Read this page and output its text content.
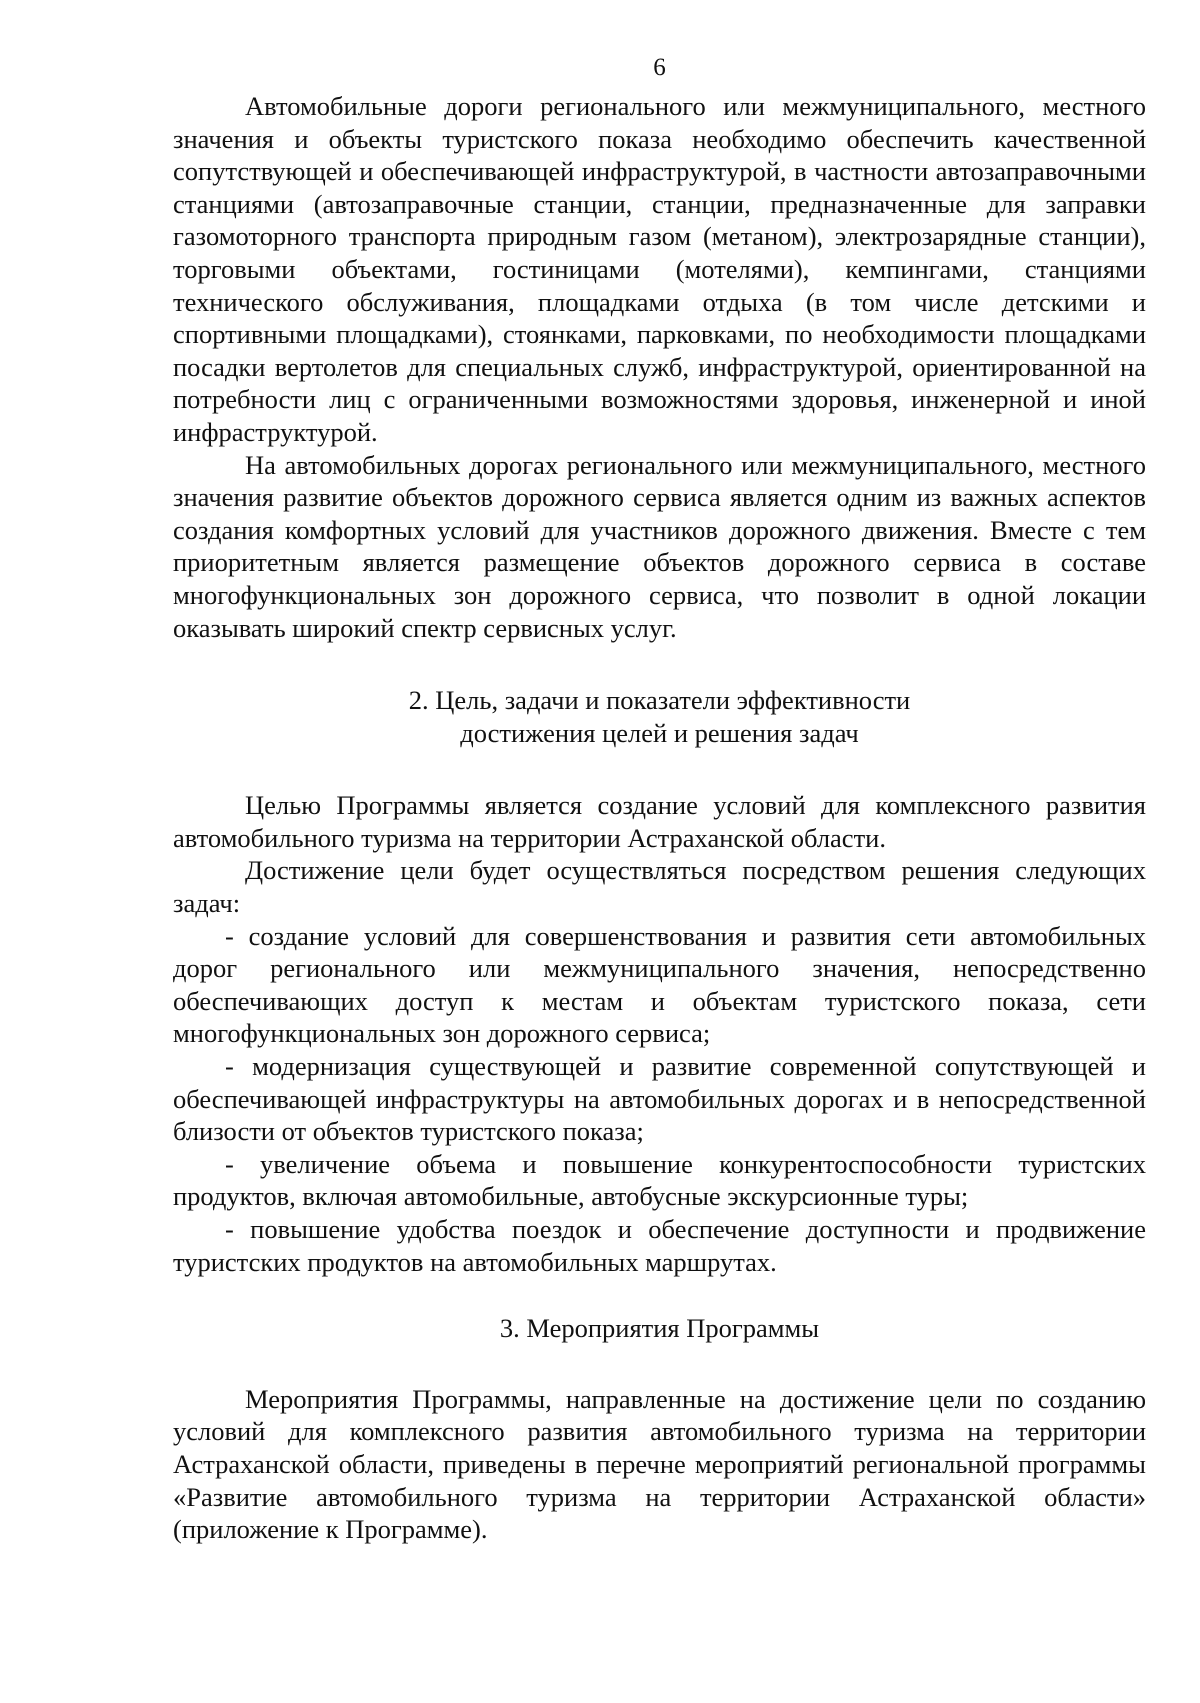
6

Автомобильные дороги регионального или межмуниципального, местного значения и объекты туристского показа необходимо обеспечить качественной сопутствующей и обеспечивающей инфраструктурой, в частности автозаправочными станциями (автозаправочные станции, станции, предназначенные для заправки газомоторного транспорта природным газом (метаном), электрозарядные станции), торговыми объектами, гостиницами (мотелями), кемпингами, станциями технического обслуживания, площадками отдыха (в том числе детскими и спортивными площадками), стоянками, парковками, по необходимости площадками посадки вертолетов для специальных служб, инфраструктурой, ориентированной на потребности лиц с ограниченными возможностями здоровья, инженерной и иной инфраструктурой.

На автомобильных дорогах регионального или межмуниципального, местного значения развитие объектов дорожного сервиса является одним из важных аспектов создания комфортных условий для участников дорожного движения. Вместе с тем приоритетным является размещение объектов дорожного сервиса в составе многофункциональных зон дорожного сервиса, что позволит в одной локации оказывать широкий спектр сервисных услуг.

2. Цель, задачи и показатели эффективности
достижения целей и решения задач

Целью Программы является создание условий для комплексного развития автомобильного туризма на территории Астраханской области.

Достижение цели будет осуществляться посредством решения следующих задач:

- создание условий для совершенствования и развития сети автомобильных дорог регионального или межмуниципального значения, непосредственно обеспечивающих доступ к местам и объектам туристского показа, сети многофункциональных зон дорожного сервиса;

- модернизация существующей и развитие современной сопутствующей и обеспечивающей инфраструктуры на автомобильных дорогах и в непосредственной близости от объектов туристского показа;

- увеличение объема и повышение конкурентоспособности туристских продуктов, включая автомобильные, автобусные экскурсионные туры;

- повышение удобства поездок и обеспечение доступности и продвижение туристских продуктов на автомобильных маршрутах.

3. Мероприятия Программы

Мероприятия Программы, направленные на достижение цели по созданию условий для комплексного развития автомобильного туризма на территории Астраханской области, приведены в перечне мероприятий региональной программы «Развитие автомобильного туризма на территории Астраханской области» (приложение к Программе).
